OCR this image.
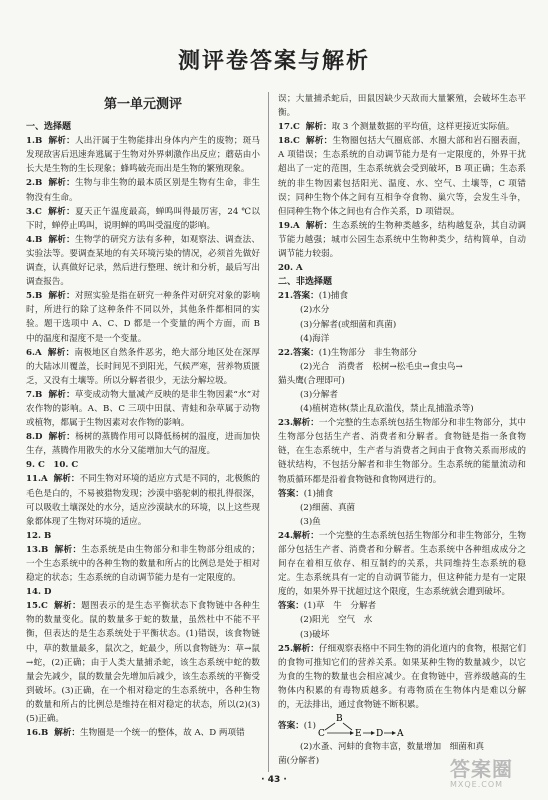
测评卷答案与解析
第一单元测评
一、选择题

1.B 解析：人出汗属于生物能排出身体内产生的废物；斑马发现敌害后迅速奔逃属于生物对外界刺激作出反应；蘑菇由小长大是生物的生长现象；蜂鸣破壳而出是生物的繁殖现象。

2.B 解析：生物与非生物的最本质区别是生物有生命，非生物没有生命。

3.C 解析：夏天正午温度最高，蝉鸣叫得最厉害，24 ℃以下时，蝉停止鸣叫，说明蝉的鸣叫受温度的影响。

4.B 解析：生物学的研究方法有多种，如观察法、调查法、实验法等。要调查某地的有关环境污染的情况，必须首先做好调查，认真做好记录，然后进行整理、统计和分析，最后写出调查报告。

5.B 解析：对照实验是指在研究一种条件对研究对象的影响时，所进行的除了这种条件不同以外，其他条件都相同的实验。题干选项中 A、C、D 都是一个变量的两个方面，而 B 中的温度和湿度不是一个变量。

6.A 解析：南极地区自然条件恶劣，绝大部分地区处在深厚的大陆冰川覆盖，长时间见不到阳光，气候严寒，营养物质匮乏，又没有土壤等。所以分解者很少，无法分解垃圾。

7.B 解析：草变成动物大量减产反映的是非生物因素“水”对农作物的影响。A、B、C 三项中田鼠、青蛙和杂草属于动物或植物，都属于生物因素对农作物的影响。

8.D 解析：杨树的蒸腾作用可以降低杨树的温度，进而加快生存，蒸腾作用散失的水分又能增加大气的湿度。

9. C　10. C

11.A 解析：不同生物对环境的适应方式是不同的，北极熊的毛色是白的，不易被猎物发现；沙漠中骆驼刺的根扎得很深，可以吸收土壤深处的水分，适应沙漠缺水的环境，以上这些现象都体现了生物对环境的适应。

12. B

13.B 解析：生态系统是由生物部分和非生物部分组成的；一个生态系统中的各种生物的数量和所占的比例总是处于相对稳定的状态；生态系统的自动调节能力是有一定限度的。

14. D

15.C 解析：题图表示的是生态平衡状态下食物链中各种生物的数量变化。鼠的数量多于蛇的数量，虽然杜中不能不平衡，但表达的是生态系统处于平衡状态。(1)错误，该食物链中，草的数量最多，鼠次之，蛇最少，所以食物链为：草→鼠→蛇，(2)正确；由于人类大量捕杀蛇，该生态系统中蛇的数量会先减少，鼠的数量会先增加后减少，该生态系统的平衡受到破坏。(3)正确，在一个相对稳定的生态系统中，各种生物的数量和所占的比例总是维持在相对稳定的状态，所以(2)(3)(5)正确。

16.B 解析：生物圈是一个统一的整体，故 A、D 两项错

误；大量捕杀蛇后，田鼠因缺少天敌而大量繁殖，会破坏生态平衡。

17.C 解析：取 3 个测量数据的平均值，这样更接近实际值。

18.C 解析：生物圈包括大气圈底部、水圈大部和岩石圈表面，A 项错误；生态系统的自动调节能力是有一定限度的，外界干扰超出了一定的范围，生态系统就会受到破坏，B 项正确；生态系统的非生物因素包括阳光、温度、水、空气、土壤等，C 项错误；同种生物个体之间有互相争夺食物、巢穴等，会发生斗争，但同种生物个体之间也有合作关系，D 项错误。

19.A 解析：生态系统的生物种类越多，结构越复杂，其自动调节能力越强；城市公园生态系统中生物种类少，结构简单，自动调节能力较弱。

20. A

二、非选择题

21.答案：(1)捕食

(2)水分

(3)分解者(或细菌和真菌)

(4)海洋

22.答案：(1)生物部分　非生物部分

(2)光合　消费者　松树→松毛虫→食虫鸟→

猫头鹰(合理即可)

(3)分解者

(4)植树造林(禁止乱砍滥伐，禁止乱捕滥杀等)

23.解析：一个完整的生态系统包括生物部分和非生物部分，其中生物部分包括生产者、消费者和分解者。食物链是指一条食物链，在生态系统中，生产者与消费者之间由于食物关系而形成的链状结构，不包括分解者和非生物部分。生态系统的能量流动和物质循环都是沿着食物链和食物网进行的。

答案：(1)捕食

(2)细菌、真菌

(3)鱼

24.解析：一个完整的生态系统包括生物部分和非生物部分，生物部分包括生产者、消费者和分解者。生态系统中各种组成成分之间存在着相互依存、相互制约的关系，共同维持生态系统的稳定。生态系统具有一定的自动调节能力，但这种能力是有一定限度的，如果外界干扰超过这个限度，生态系统就会遭到破坏。

答案：(1)草　牛　分解者

(2)阳光　空气　水

(3)破坏

25.解析：仔细观察表格中不同生物的消化道内的食物，根据它们的食物可推知它们的营养关系。如果某种生物的数量减少，以它为食的生物的数量也会相应减少。在食物链中，营养级越高的生物体内积累的有毒物质越多。有毒物质在生物体内是难以分解的，无法排出，通过食物链不断积累。

答案： (1)
B
C	E D A

(2)水蚤、河蚌的食物丰富，数量增加　细菌和真

菌(分解者)

· 43 ·	答案圈
MXQE.COM
